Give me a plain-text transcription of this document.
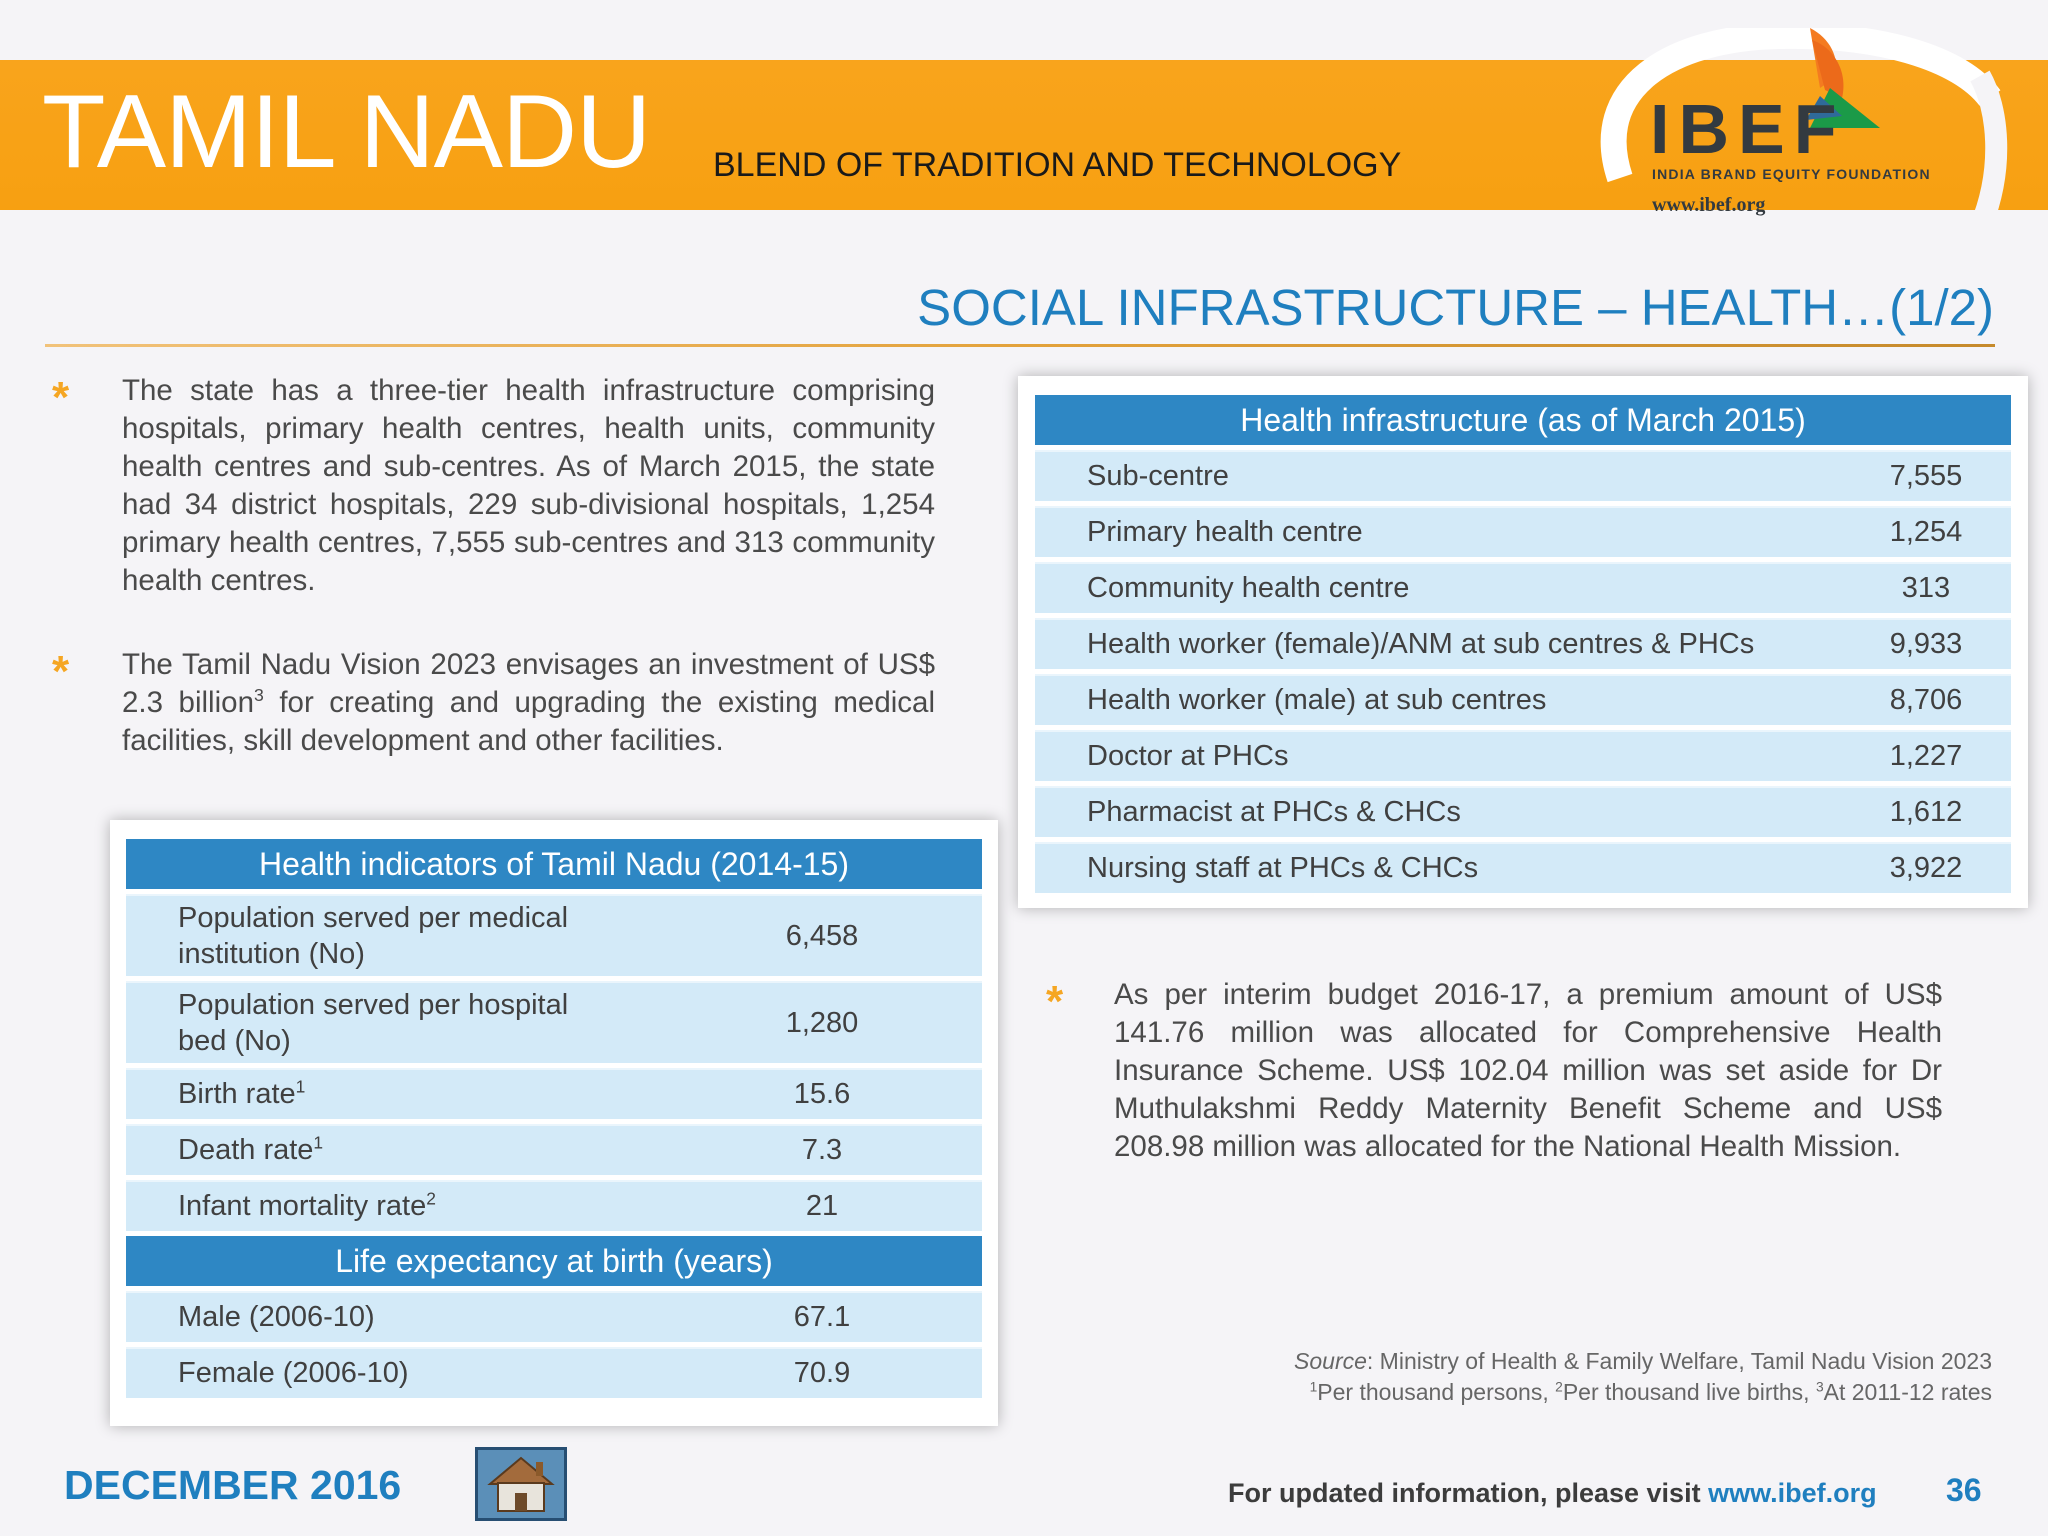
TAMIL NADU BLEND OF TRADITION AND TECHNOLOGY	IBEF
INDIA BRAND EQUITY FOUNDATION
www.ibef.org
SOCIAL INFRASTRUCTURE – HEALTH…(1/2)
* The state has a three-tier health infrastructure comprising hospitals, primary health centres, health units, community health centres and sub-centres. As of March 2015, the state had 34 district hospitals, 229 sub-divisional hospitals, 1,254 primary health centres, 7,555 sub-centres and 313 community health centres.
* The Tamil Nadu Vision 2023 envisages an investment of US$ 2.3 billion$^3$ for creating and upgrading the existing medical facilities, skill development and other facilities.
* As per interim budget 2016-17, a premium amount of US$ 141.76 million was allocated for Comprehensive Health Insurance Scheme. US$ 102.04 million was set aside for Dr Muthulakshmi Reddy Maternity Benefit Scheme and US$ 208.98 million was allocated for the National Health Mission.
Health infrastructure (as of March 2015)	
Sub-centre	7,555
Primary health centre	1,254
Community health centre	313
Health worker (female)/ANM at sub centres & PHCs	9,933
Health worker (male) at sub centres	8,706
Doctor at PHCs	1,227
Pharmacist at PHCs & CHCs	1,612
Nursing staff at PHCs & CHCs	3,922
Health indicators of Tamil Nadu (2014-15)	
Population served per medical institution (No)	6,458
Population served per hospital bed (No)	1,280
Birth rate$^1$	15.6
Death rate$^1$	7.3
Infant mortality rate$^2$	21
Life expectancy at birth (years)	
Male (2006-10)	67.1
Female (2006-10)	70.9	Source: Ministry of Health & Family Welfare, Tamil Nadu Vision 2023
$^1$Per thousand persons, $^2$Per thousand live births, $^3$At 2011-12 rates
DECEMBER 2016	For updated information, please visit www.ibef.org 36
